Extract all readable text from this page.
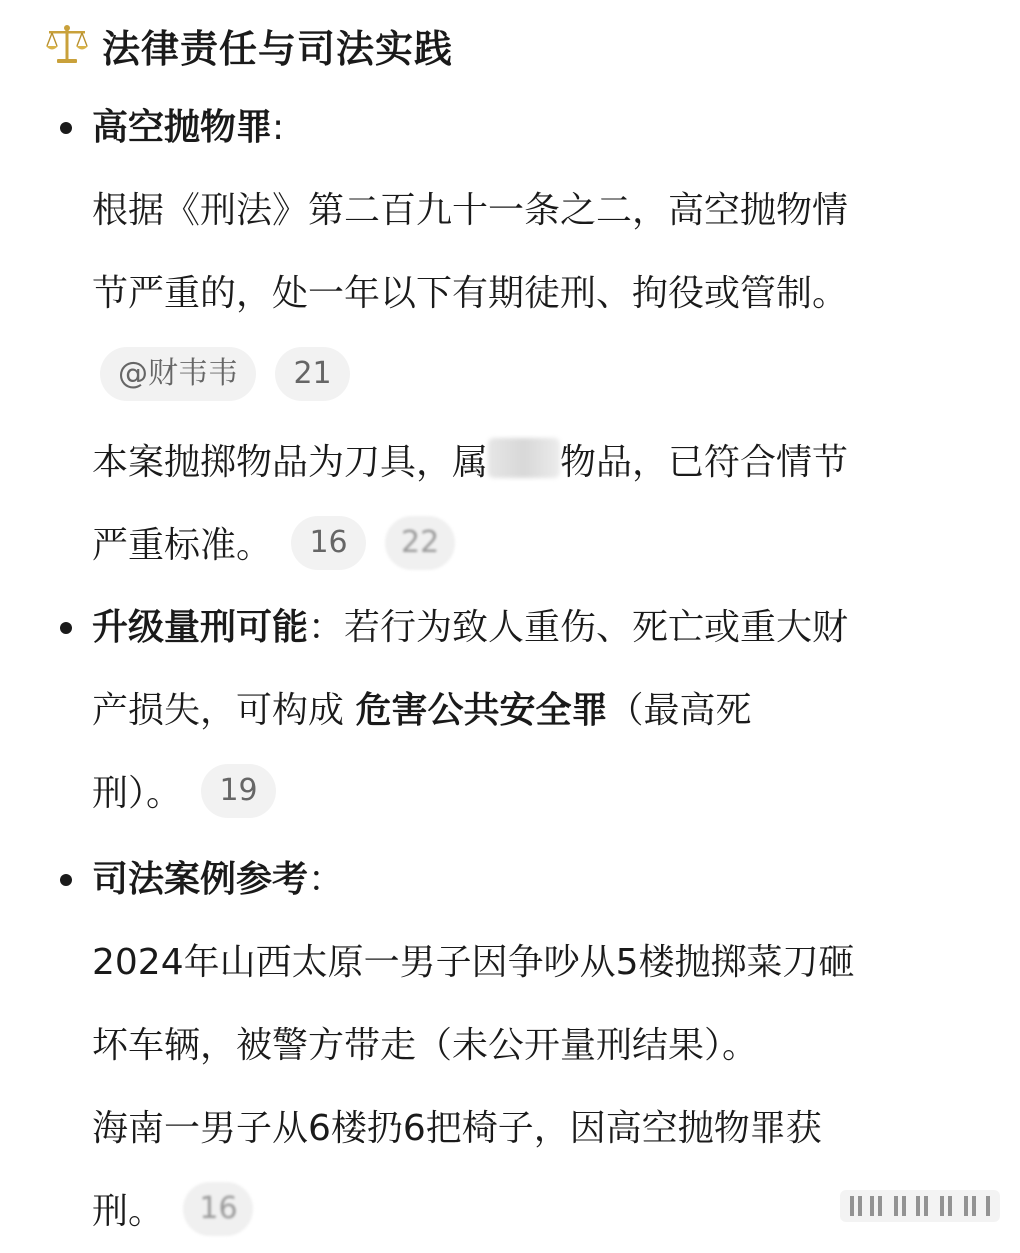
法律责任与司法实践
高空抛物罪:
根据《刑法》第二百九十一条之二，高空抛物情
节严重的，处一年以下有期徒刑、拘役或管制。
@财韦韦 21
本案抛掷物品为刀具，属 物品，已符合情节
严重标准。 16 22
升级量刑可能：若行为致人重伤、死亡或重大财
产损失，可构成 危害公共安全罪（最高死
刑）。 19
司法案例参考：
2024年山西太原一男子因争吵从5楼抛掷菜刀砸
坏车辆，被警方带走（未公开量刑结果）。
海南一男子从6楼扔6把椅子，因高空抛物罪获
刑。 16
